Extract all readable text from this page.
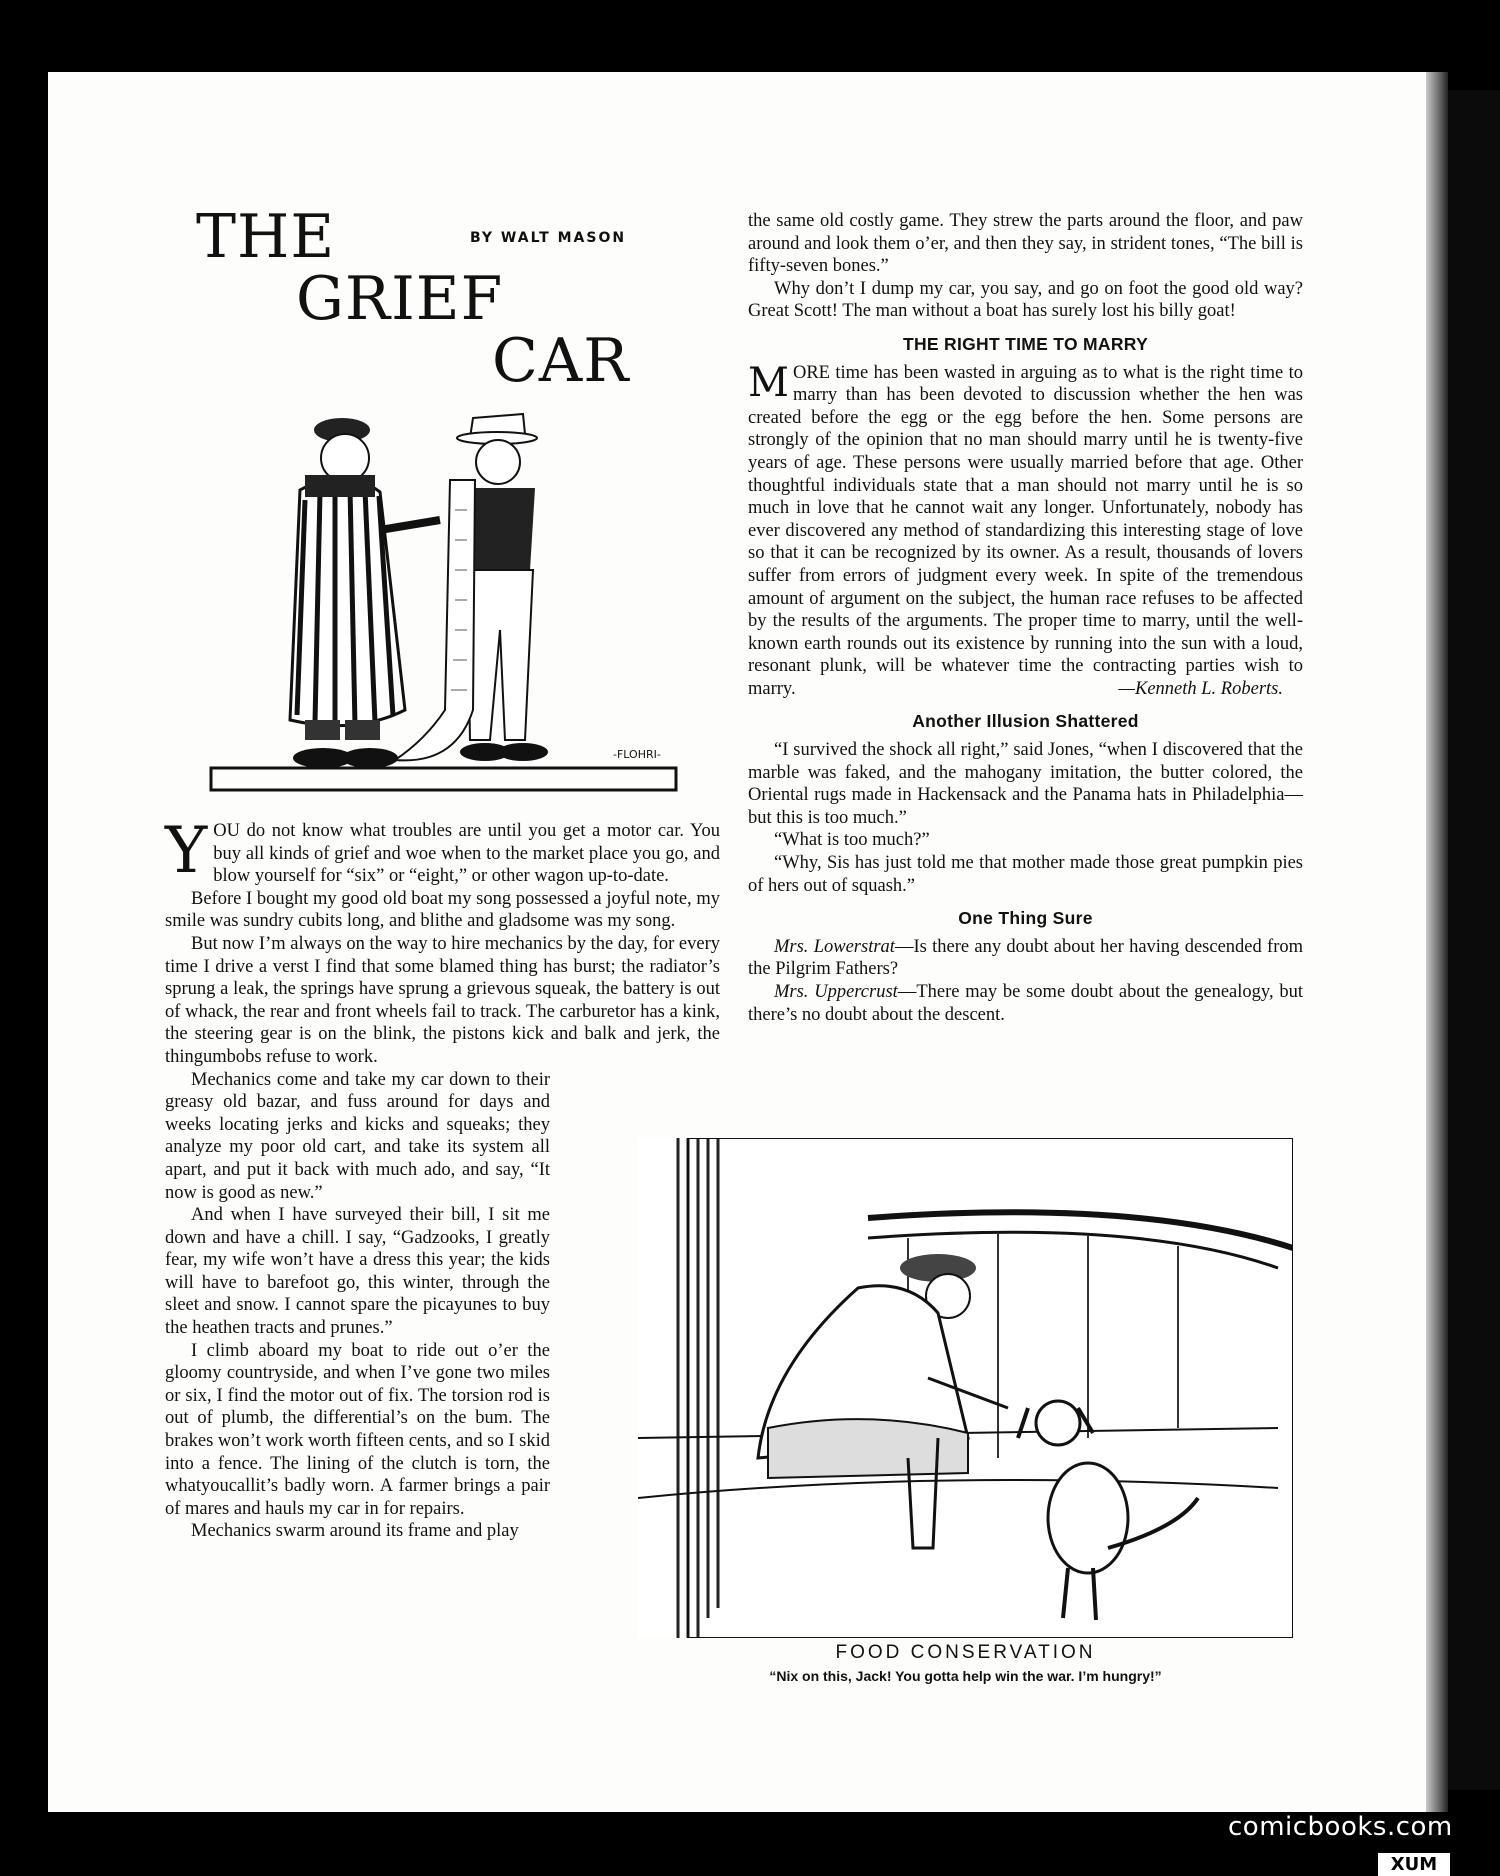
THE
GRIEF
CAR
BY WALT MASON
-FLOHRI-

YOU do not know what troubles are until you get a motor car. You buy all kinds of grief and woe when to the market place you go, and blow yourself for “six” or “eight,” or other wagon up-to-date.

Before I bought my good old boat my song possessed a joyful note, my smile was sundry cubits long, and blithe and gladsome was my song.

But now I’m always on the way to hire mechanics by the day, for every time I drive a verst I find that some blamed thing has burst; the radiator’s sprung a leak, the springs have sprung a grievous squeak, the battery is out of whack, the rear and front wheels fail to track. The carburetor has a kink, the steering gear is on the blink, the pistons kick and balk and jerk, the thingumbobs refuse to work.

Mechanics come and take my car down to their greasy old bazar, and fuss around for days and weeks locating jerks and kicks and squeaks; they analyze my poor old cart, and take its system all apart, and put it back with much ado, and say, “It now is good as new.”

And when I have surveyed their bill, I sit me down and have a chill. I say, “Gadzooks, I greatly fear, my wife won’t have a dress this year; the kids will have to barefoot go, this winter, through the sleet and snow. I cannot spare the picayunes to buy the heathen tracts and prunes.”

I climb aboard my boat to ride out o’er the gloomy countryside, and when I’ve gone two miles or six, I find the motor out of fix. The torsion rod is out of plumb, the differential’s on the bum. The brakes won’t work worth fifteen cents, and so I skid into a fence. The lining of the clutch is torn, the whatyoucallit’s badly worn. A farmer brings a pair of mares and hauls my car in for repairs.

Mechanics swarm around its frame and play

the same old costly game. They strew the parts around the floor, and paw around and look them o’er, and then they say, in strident tones, “The bill is fifty-seven bones.”

Why don’t I dump my car, you say, and go on foot the good old way? Great Scott! The man without a boat has surely lost his billy goat!

THE RIGHT TIME TO MARRY

MORE time has been wasted in arguing as to what is the right time to marry than has been devoted to discussion whether the hen was created before the egg or the egg before the hen. Some persons are strongly of the opinion that no man should marry until he is twenty-five years of age. These persons were usually married before that age. Other thoughtful individuals state that a man should not marry until he is so much in love that he cannot wait any longer. Unfortunately, nobody has ever discovered any method of standardizing this interesting stage of love so that it can be recognized by its owner. As a result, thousands of lovers suffer from errors of judgment every week. In spite of the tremendous amount of argument on the subject, the human race refuses to be affected by the results of the arguments. The proper time to marry, until the well-known earth rounds out its existence by running into the sun with a loud, resonant plunk, will be whatever time the contracting parties wish to marry.	—Kenneth L. Roberts.

Another Illusion Shattered

“I survived the shock all right,” said Jones, “when I discovered that the marble was faked, and the mahogany imitation, the butter colored, the Oriental rugs made in Hackensack and the Panama hats in Philadelphia—but this is too much.”

“What is too much?”

“Why, Sis has just told me that mother made those great pumpkin pies of hers out of squash.”

One Thing Sure

Mrs. Lowerstrat—Is there any doubt about her having descended from the Pilgrim Fathers?

Mrs. Uppercrust—There may be some doubt about the genealogy, but there’s no doubt about the descent.

FOOD CONSERVATION
“Nix on this, Jack! You gotta help win the war. I’m hungry!”
comicbooks.com
XUM
